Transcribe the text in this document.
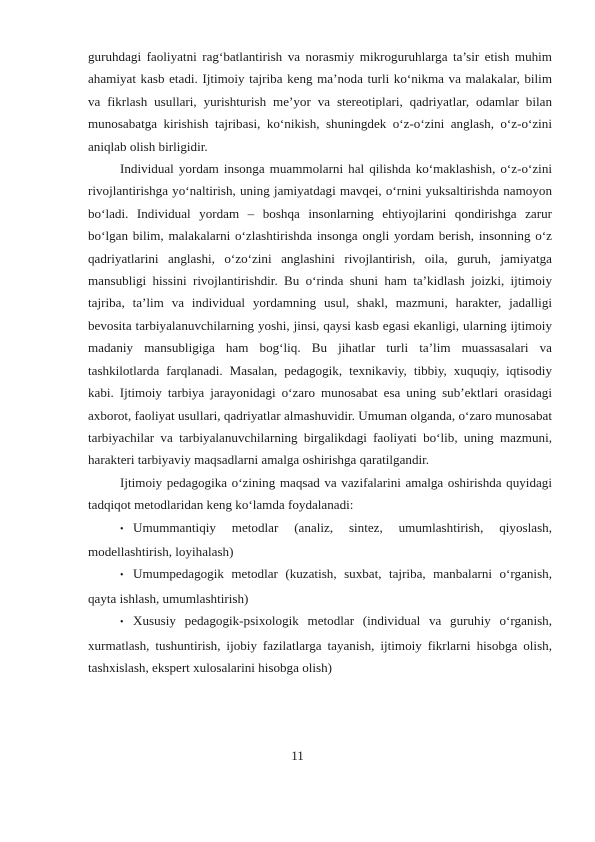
guruhdagi faoliyatni rag‘batlantirish va norasmiy mikroguruhlarga ta’sir etish muhim ahamiyat kasb etadi. Ijtimoiy tajriba keng ma’noda turli ko‘nikma va malakalar, bilim va fikrlash usullari, yurishturish me’yor va stereotiplari, qadriyatlar, odamlar bilan munosabatga kirishish tajribasi, ko‘nikish, shuningdek o‘z-o‘zini anglash, o‘z-o‘zini aniqlab olish birligidir.

Individual yordam insonga muammolarni hal qilishda ko‘maklashish, o‘z-o‘zini rivojlantirishga yo‘naltirish, uning jamiyatdagi mavqei, o‘rnini yuksaltirishda namoyon bo‘ladi. Individual yordam – boshqa insonlarning ehtiyojlarini qondirishga zarur bo‘lgan bilim, malakalarni o‘zlashtirishda insonga ongli yordam berish, insonning o‘z qadriyatlarini anglashi, o‘zo‘zini anglashini rivojlantirish, oila, guruh, jamiyatga mansubligi hissini rivojlantirishdir. Bu o‘rinda shuni ham ta’kidlash joizki, ijtimoiy tajriba, ta’lim va individual yordamning usul, shakl, mazmuni, harakter, jadalligi bevosita tarbiyalanuvchilarning yoshi, jinsi, qaysi kasb egasi ekanligi, ularning ijtimoiy madaniy mansubligiga ham bog‘liq. Bu jihatlar turli ta’lim muassasalari va tashkilotlarda farqlanadi. Masalan, pedagogik, texnikaviy, tibbiy, xuquqiy, iqtisodiy kabi. Ijtimoiy tarbiya jarayonidagi o‘zaro munosabat esa uning sub’ektlari orasidagi axborot, faoliyat usullari, qadriyatlar almashuvidir. Umuman olganda, o‘zaro munosabat tarbiyachilar va tarbiyalanuvchilarning birgalikdagi faoliyati bo‘lib, uning mazmuni, harakteri tarbiyaviy maqsadlarni amalga oshirishga qaratilgandir.

Ijtimoiy pedagogika o‘zining maqsad va vazifalarini amalga oshirishda quyidagi tadqiqot metodlaridan keng ko‘lamda foydalanadi:

• Umummantiqiy metodlar (analiz, sintez, umumlashtirish, qiyoslash, modellashtirish, loyihalash)

• Umumpedagogik metodlar (kuzatish, suxbat, tajriba, manbalarni o‘rganish, qayta ishlash, umumlashtirish)

• Xususiy pedagogik-psixologik metodlar (individual va guruhiy o‘rganish, xurmatlash, tushuntirish, ijobiy fazilatlarga tayanish, ijtimoiy fikrlarni hisobga olish, tashxislash, ekspert xulosalarini hisobga olish)

11
